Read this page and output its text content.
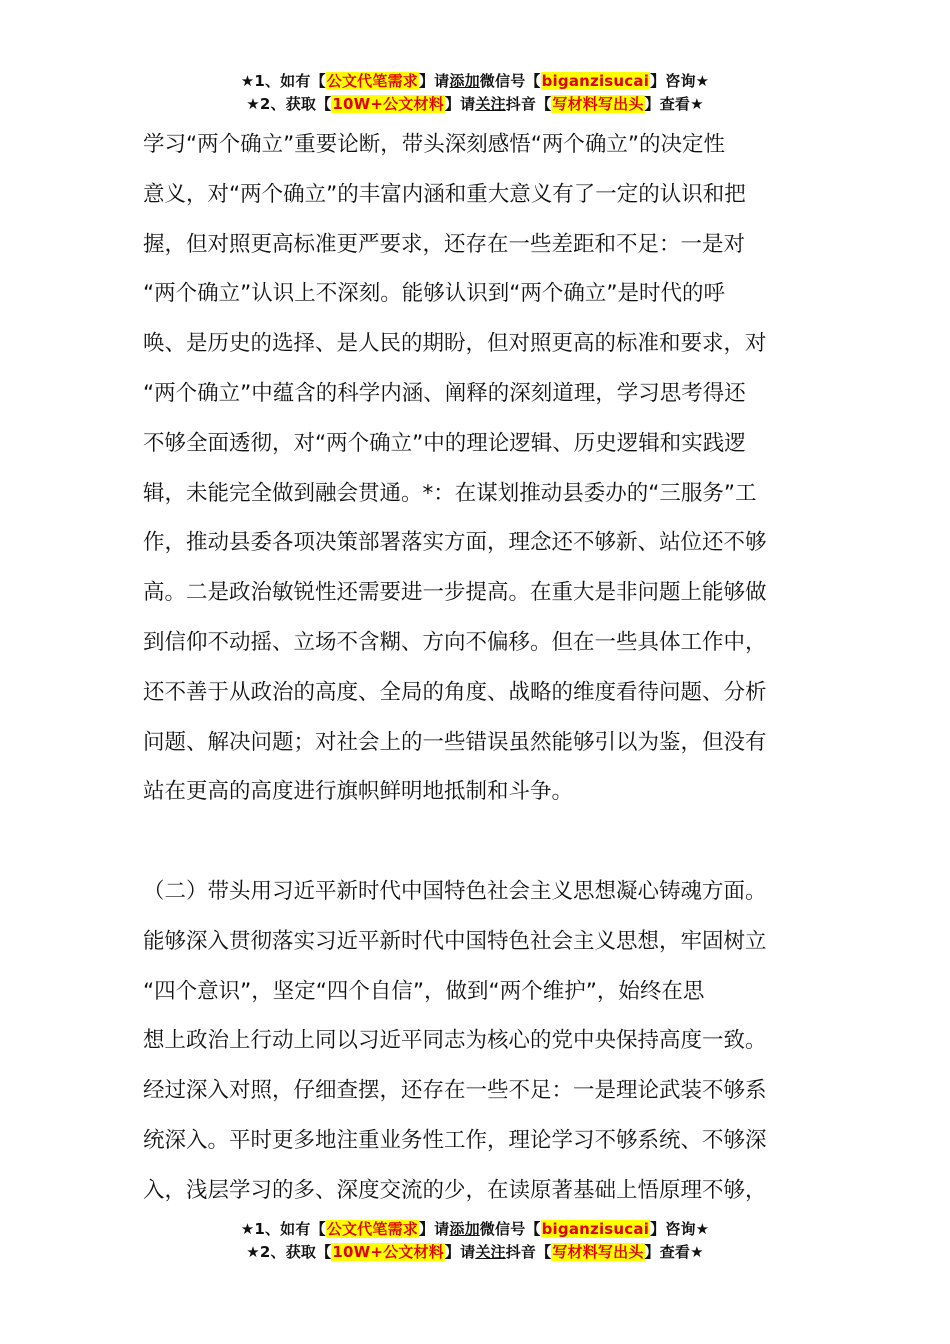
★1、如有【公文代笔需求】请添加微信号【biganzisucai】咨询★
★2、获取【10W+公文材料】请关注抖音【写材料写出头】查看★
学习“两个确立”重要论断，带头深刻感悟“两个确立”的决定性
意义，对“两个确立”的丰富内涵和重大意义有了一定的认识和把
握，但对照更高标准更严要求，还存在一些差距和不足：一是对
“两个确立”认识上不深刻。能够认识到“两个确立”是时代的呼
唤、是历史的选择、是人民的期盼，但对照更高的标准和要求，对
“两个确立”中蕴含的科学内涵、阐释的深刻道理，学习思考得还
不够全面透彻，对“两个确立”中的理论逻辑、历史逻辑和实践逻
辑，未能完全做到融会贯通。*：在谋划推动县委办的“三服务”工
作，推动县委各项决策部署落实方面，理念还不够新、站位还不够
高。二是政治敏锐性还需要进一步提高。在重大是非问题上能够做
到信仰不动摇、立场不含糊、方向不偏移。但在一些具体工作中，
还不善于从政治的高度、全局的角度、战略的维度看待问题、分析
问题、解决问题；对社会上的一些错误虽然能够引以为鉴，但没有
站在更高的高度进行旗帜鲜明地抵制和斗争。
（二）带头用习近平新时代中国特色社会主义思想凝心铸魂方面。
能够深入贯彻落实习近平新时代中国特色社会主义思想，牢固树立
“四个意识”，坚定“四个自信”，做到“两个维护”，始终在思
想上政治上行动上同以习近平同志为核心的党中央保持高度一致。
经过深入对照，仔细查摆，还存在一些不足：一是理论武装不够系
统深入。平时更多地注重业务性工作，理论学习不够系统、不够深
入，浅层学习的多、深度交流的少，在读原著基础上悟原理不够，
★1、如有【公文代笔需求】请添加微信号【biganzisucai】咨询★
★2、获取【10W+公文材料】请关注抖音【写材料写出头】查看★
